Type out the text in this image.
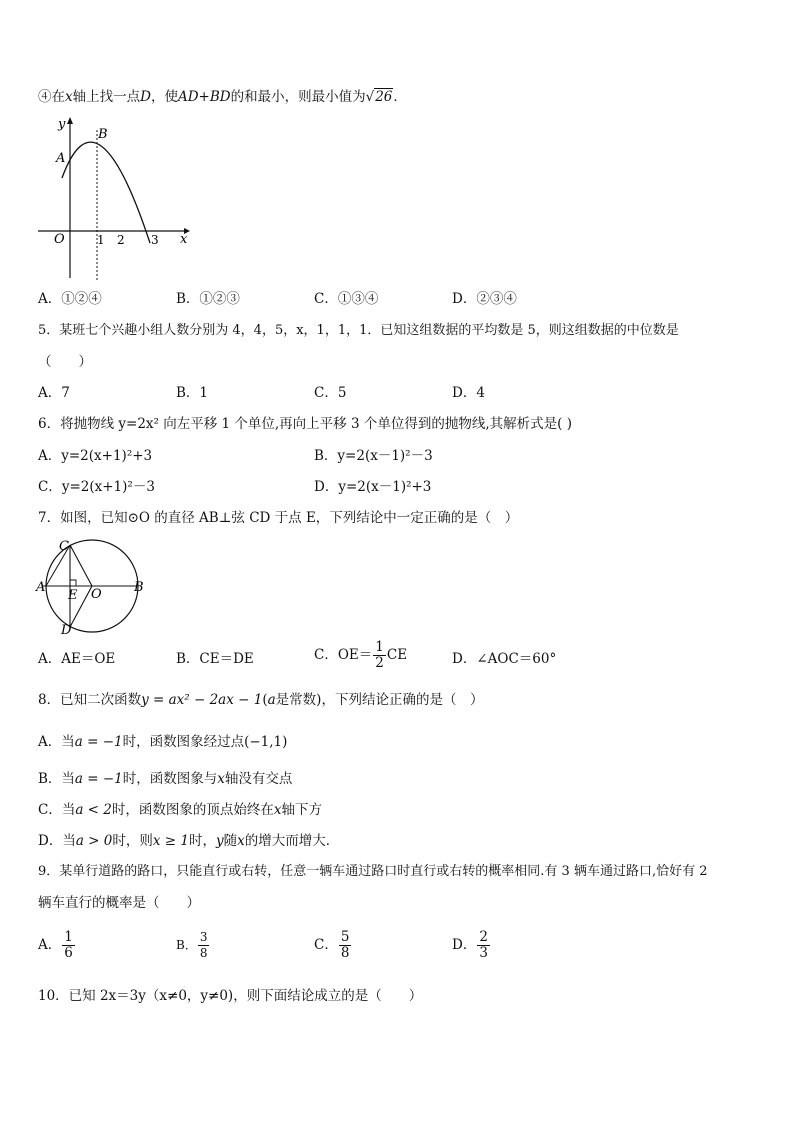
④在x轴上找一点D，使AD+BD的和最小，则最小值为√26．
y
A
B
O	1 2 3 x
A．①②④	B．①②③	C．①③④	D．②③④
5．某班七个兴趣小组人数分别为 4，4，5，x，1，1，1．已知这组数据的平均数是 5，则这组数据的中位数是
（　　）
A．7	B．1	C．5	D．4
6．将抛物线 y=2x² 向左平移 1 个单位,再向上平移 3 个单位得到的抛物线,其解析式是( )
A．y=2(x+1)²+3	B．y=2(x－1)²－3
C．y=2(x+1)²－3	D．y=2(x－1)²+3
7．如图，已知⊙O 的直径 AB⊥弦 CD 于点 E，下列结论中一定正确的是（　）
C
A
E O B
D
A．AE＝OE	B．CE＝DE	C．$OE= \frac{1}{2}$ CE	D．∠AOC＝60°
8．已知二次函数y = ax² − 2ax − 1(a是常数)，下列结论正确的是（　）
A．当a = −1时，函数图象经过点(−1,1)
B．当a = −1时，函数图象与x轴没有交点
C．当a < 2时，函数图象的顶点始终在x轴下方
D．当a > 0时，则x ≥ 1时，y随x的增大而增大．
9．某单行道路的路口，只能直行或右转，任意一辆车通过路口时直行或右转的概率相同.有 3 辆车通过路口,恰好有 2
辆车直行的概率是（　　）
A． $\frac{1}{6}$	B． $\frac{3}{8}$	C． $\frac{5}{8}$	D． $\frac{2}{3}$
10．已知 2x＝3y（x≠0，y≠0)，则下面结论成立的是（　　）
